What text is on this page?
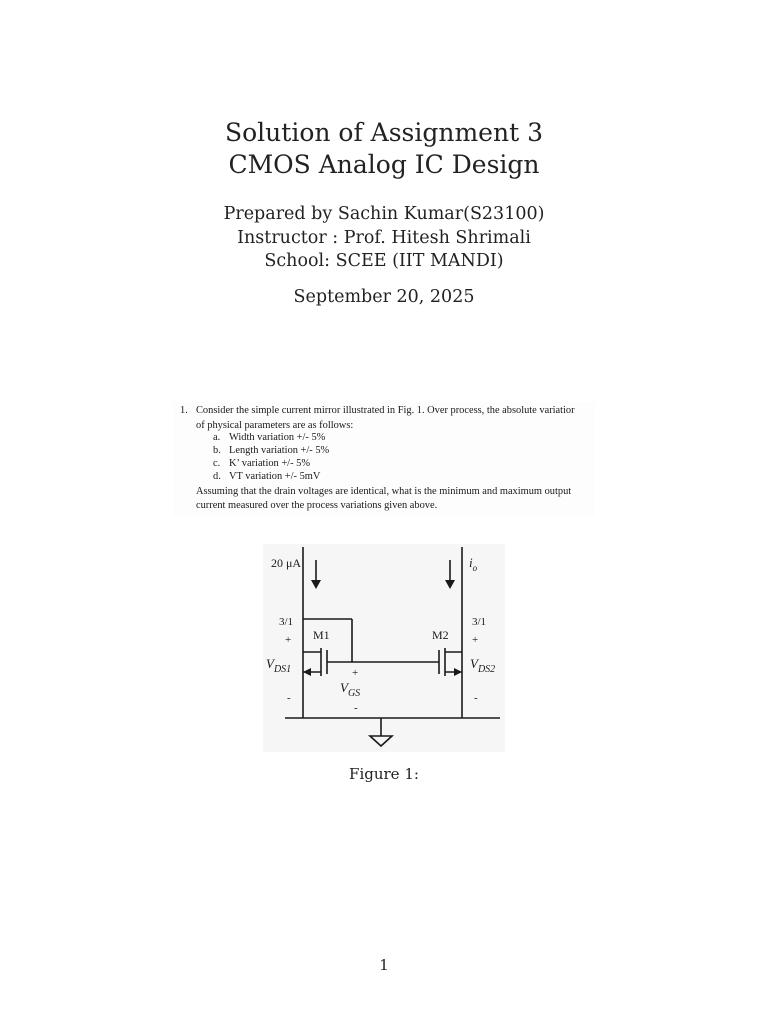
Solution of Assignment 3
CMOS Analog IC Design
Prepared by Sachin Kumar(S23100)
Instructor : Prof. Hitesh Shrimali
School: SCEE (IIT MANDI)
September 20, 2025
1. Consider the simple current mirror illustrated in Fig. 1. Over process, the absolute variatior
of physical parameters are as follows:
a. Width variation +/- 5%
b. Length variation +/- 5%
c. K’ variation +/- 5%
d. VT variation +/- 5mV
Assuming that the drain voltages are identical, what is the minimum and maximum output
current measured over the process variations given above.
20 μA	$i_o$
3/1	3/1
M1	M2
+	+
+
$V_{DS1}$	$V_{DS2}$
$V_{GS}$
-	-
-
Figure 1:
1
